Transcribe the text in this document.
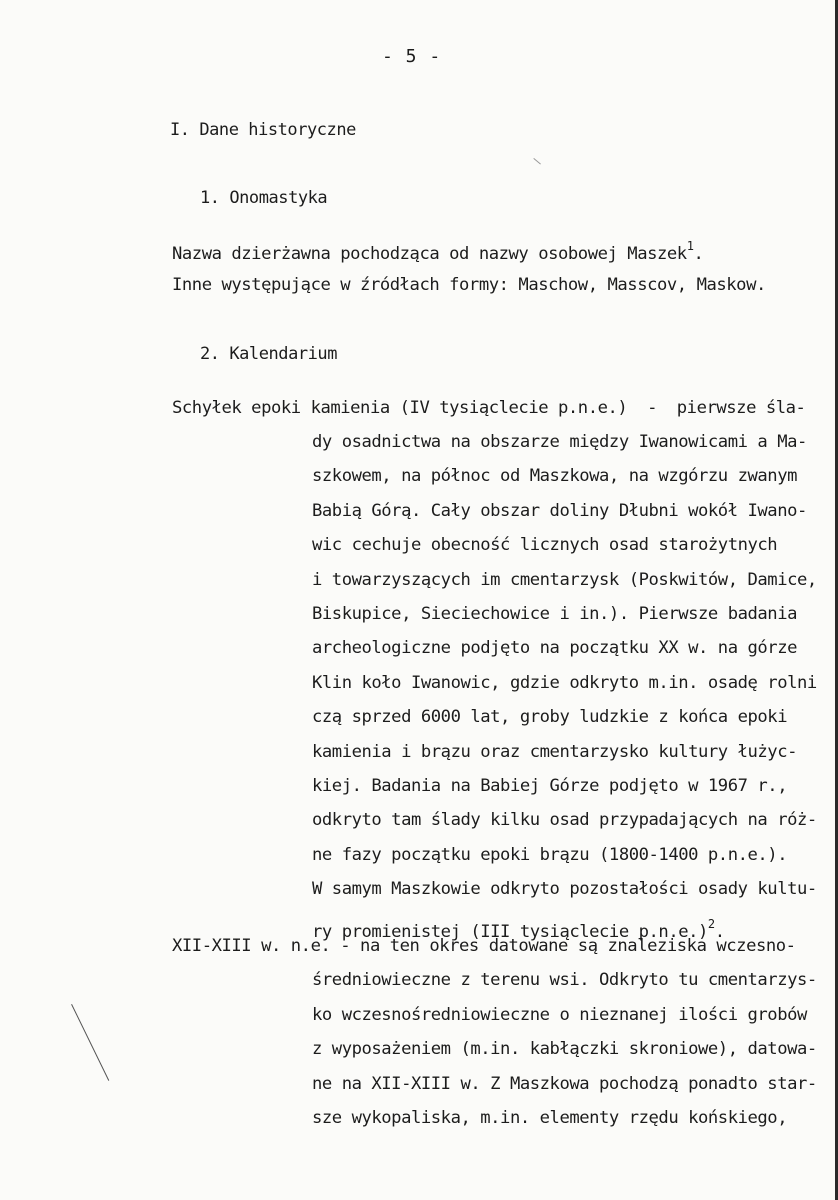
- 5 -
I. Dane historyczne
1. Onomastyka
Nazwa dzierżawna pochodząca od nazwy osobowej Maszek$^1$.
Inne występujące w źródłach formy: Maschow, Masscov, Maskow.
2. Kalendarium
Schyłek epoki kamienia (IV tysiąclecie p.n.e.)  -  pierwsze śla-
dy osadnictwa na obszarze między Iwanowicami a Ma-
szkowem, na północ od Maszkowa, na wzgórzu zwanym
Babią Górą. Cały obszar doliny Dłubni wokół Iwano-
wic cechuje obecność licznych osad starożytnych
i towarzyszących im cmentarzysk (Poskwitów, Damice,
Biskupice, Sieciechowice i in.). Pierwsze badania
archeologiczne podjęto na początku XX w. na górze
Klin koło Iwanowic, gdzie odkryto m.in. osadę rolni
czą sprzed 6000 lat, groby ludzkie z końca epoki
kamienia i brązu oraz cmentarzysko kultury łużyc-
kiej. Badania na Babiej Górze podjęto w 1967 r.,
odkryto tam ślady kilku osad przypadających na róż-
ne fazy początku epoki brązu (1800-1400 p.n.e.).
W samym Maszkowie odkryto pozostałości osady kultu-
ry promienistej (III tysiąclecie p.n.e.)$^2$.
XII-XIII w. n.e. - na ten okres datowane są znaleziska wczesno-
średniowieczne z terenu wsi. Odkryto tu cmentarzys-
ko wczesnośredniowieczne o nieznanej ilości grobów
z wyposażeniem (m.in. kabłączki skroniowe), datowa-
ne na XII-XIII w. Z Maszkowa pochodzą ponadto star-
sze wykopaliska, m.in. elementy rzędu końskiego,
